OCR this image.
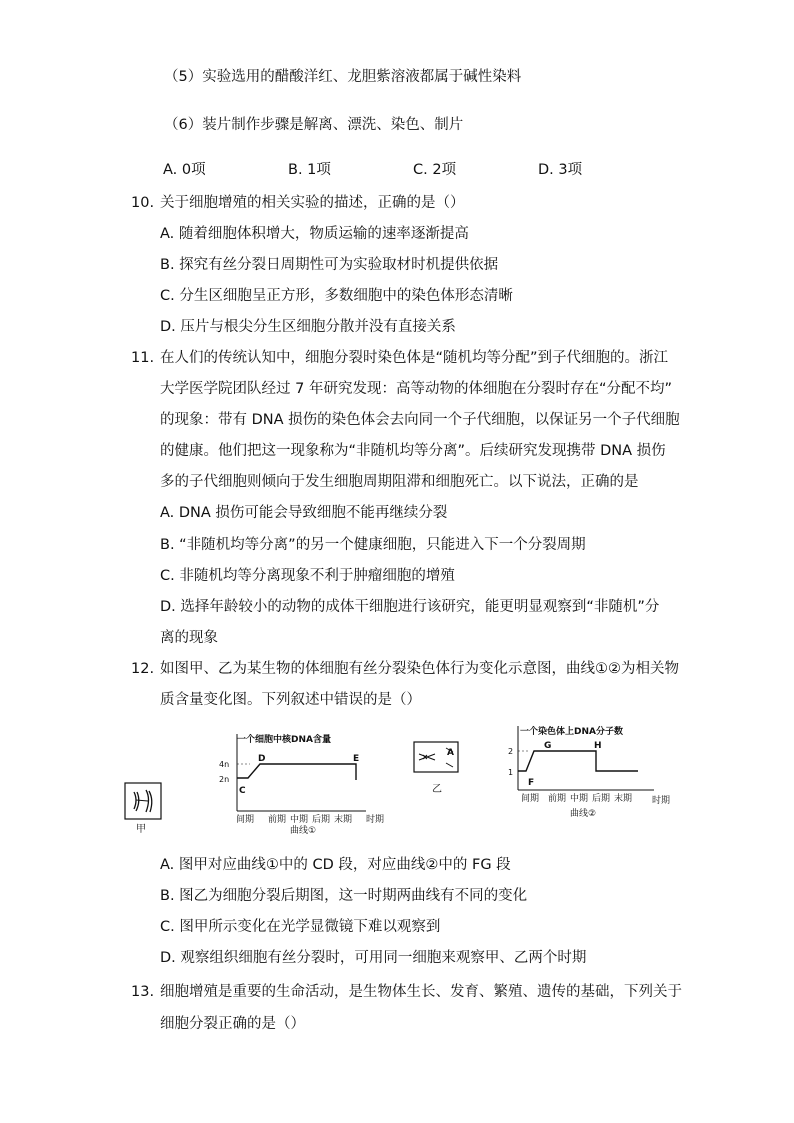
（5）实验选用的醋酸洋红、龙胆紫溶液都属于碱性染料
（6）装片制作步骤是解离、漂洗、染色、制片
A. 0项	B. 1项	C. 2项	D. 3项
10. 关于细胞增殖的相关实验的描述，正确的是（）
A. 随着细胞体积增大，物质运输的速率逐渐提高
B. 探究有丝分裂日周期性可为实验取材时机提供依据
C. 分生区细胞呈正方形，多数细胞中的染色体形态清晰
D. 压片与根尖分生区细胞分散并没有直接关系
11. 在人们的传统认知中，细胞分裂时染色体是“随机均等分配”到子代细胞的。浙江
大学医学院团队经过 7 年研究发现：高等动物的体细胞在分裂时存在“分配不均”
的现象：带有 DNA 损伤的染色体会去向同一个子代细胞，以保证另一个子代细胞
的健康。他们把这一现象称为“非随机均等分离”。后续研究发现携带 DNA 损伤
多的子代细胞则倾向于发生细胞周期阻滞和细胞死亡。以下说法，正确的是
A. DNA 损伤可能会导致细胞不能再继续分裂
B. “非随机均等分离”的另一个健康细胞，只能进入下一个分裂周期
C. 非随机均等分离现象不利于肿瘤细胞的增殖
D. 选择年龄较小的动物的成体干细胞进行该研究，能更明显观察到“非随机”分
离的现象
12. 如图甲、乙为某生物的体细胞有丝分裂染色体行为变化示意图，曲线①②为相关物
质含量变化图。下列叙述中错误的是（）
甲
一个细胞中核DNA含量
4n
2n
C
D	E
间期 前期 中期 后期 末期 时期
曲线①
A
乙
一个染色体上DNA分子数
2
1
F
G	H
间期 前期 中期 后期 末期 时期
曲线②
A. 图甲对应曲线①中的 CD 段，对应曲线②中的 FG 段
B. 图乙为细胞分裂后期图，这一时期两曲线有不同的变化
C. 图甲所示变化在光学显微镜下难以观察到
D. 观察组织细胞有丝分裂时，可用同一细胞来观察甲、乙两个时期
13. 细胞增殖是重要的生命活动，是生物体生长、发育、繁殖、遗传的基础，下列关于
细胞分裂正确的是（）
